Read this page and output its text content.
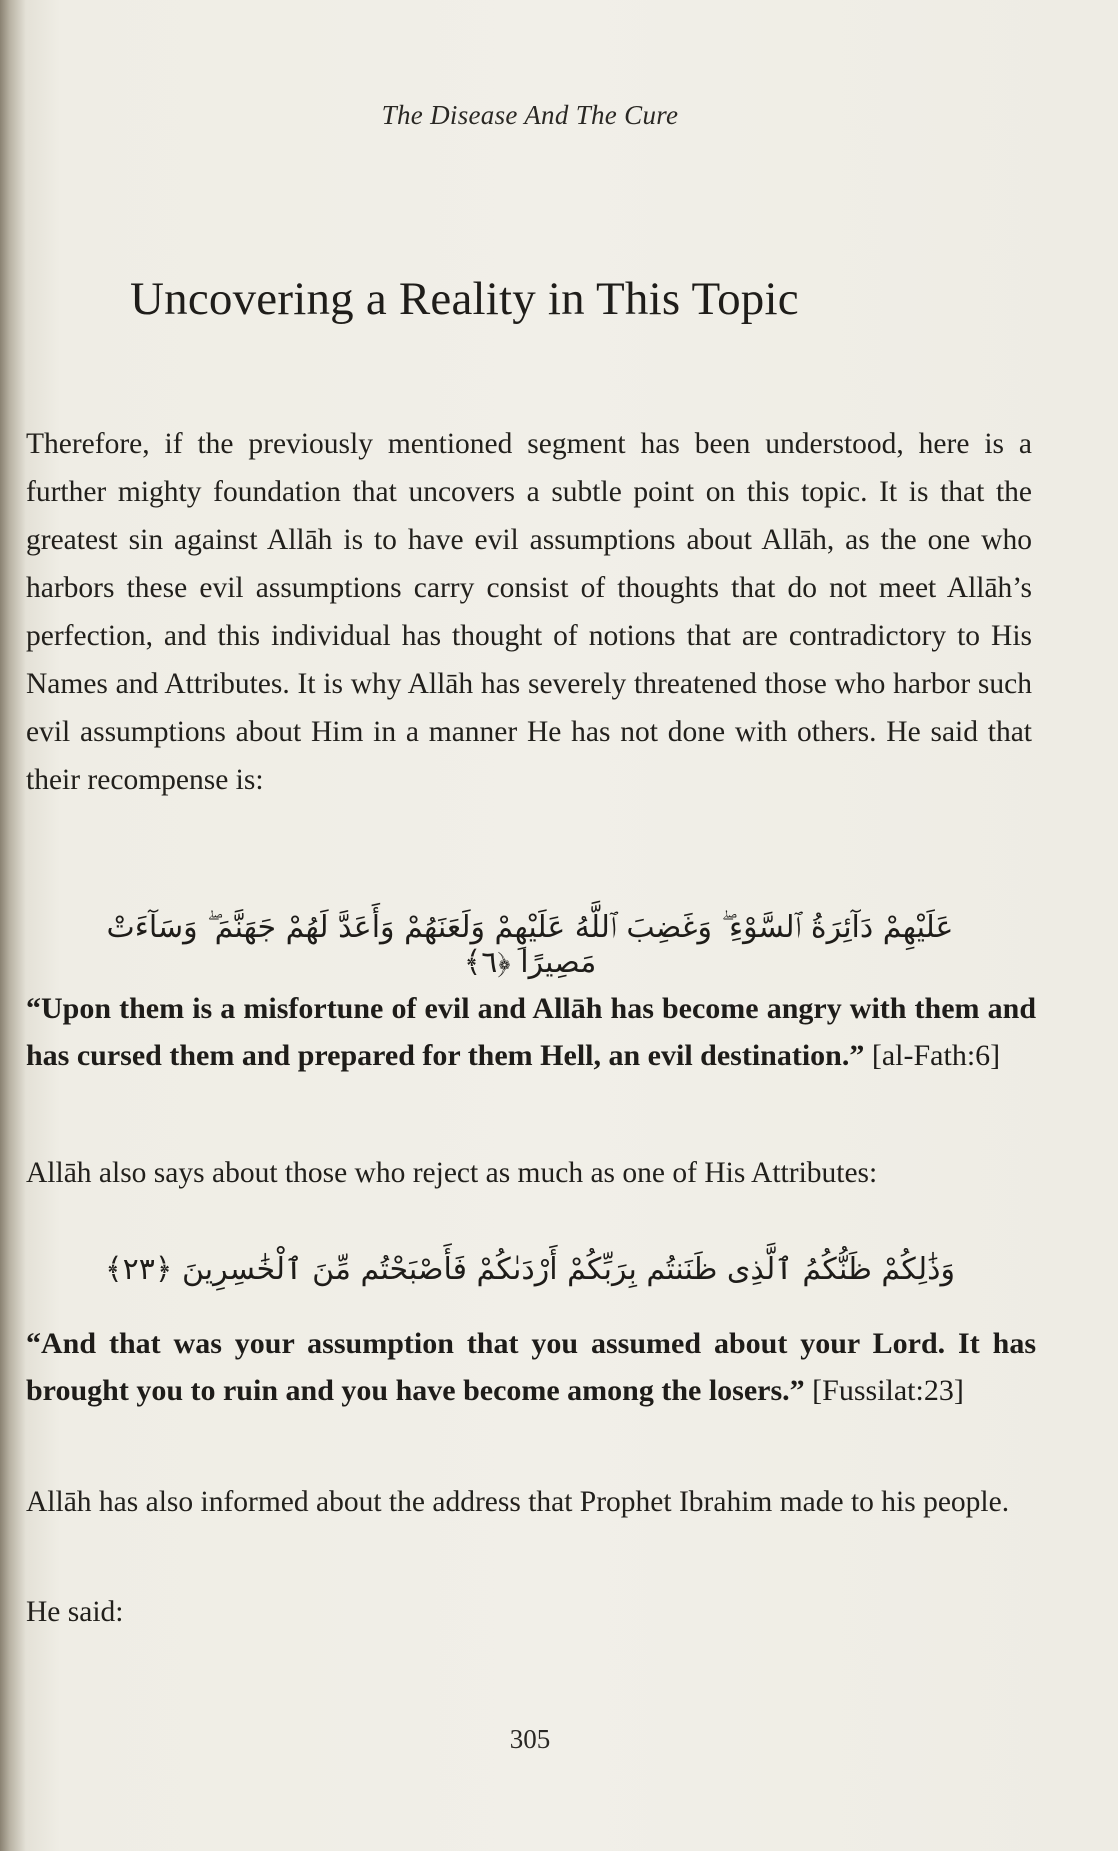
The Disease And The Cure
Uncovering a Reality in This Topic

Therefore, if the previously mentioned segment has been understood, here is a further mighty foundation that uncovers a subtle point on this topic. It is that the greatest sin against Allāh is to have evil assumptions about Allāh, as the one who harbors these evil assumptions carry consist of thoughts that do not meet Allāh’s perfection, and this individual has thought of notions that are contradictory to His Names and Attributes. It is why Allāh has severely threatened those who harbor such evil assumptions about Him in a manner He has not done with others. He said that their recompense is:

عَلَيْهِمْ دَآئِرَةُ ٱلسَّوْءِ ۖ وَغَضِبَ ٱللَّهُ عَلَيْهِمْ وَلَعَنَهُمْ وَأَعَدَّ لَهُمْ جَهَنَّمَ ۖ وَسَآءَتْ مَصِيرًا ﴿٦﴾

“Upon them is a misfortune of evil and Allāh has become angry with them and has cursed them and prepared for them Hell, an evil destination.” [al-Fath:6]

Allāh also says about those who reject as much as one of His Attributes:

وَذَٰلِكُمْ ظَنُّكُمُ ٱلَّذِى ظَنَنتُم بِرَبِّكُمْ أَرْدَىٰكُمْ فَأَصْبَحْتُم مِّنَ ٱلْخَٰسِرِينَ ﴿٢٣﴾

“And that was your assumption that you assumed about your Lord. It has brought you to ruin and you have become among the losers.” [Fussilat:23]

Allāh has also informed about the address that Prophet Ibrahim made to his people.

He said:

305
